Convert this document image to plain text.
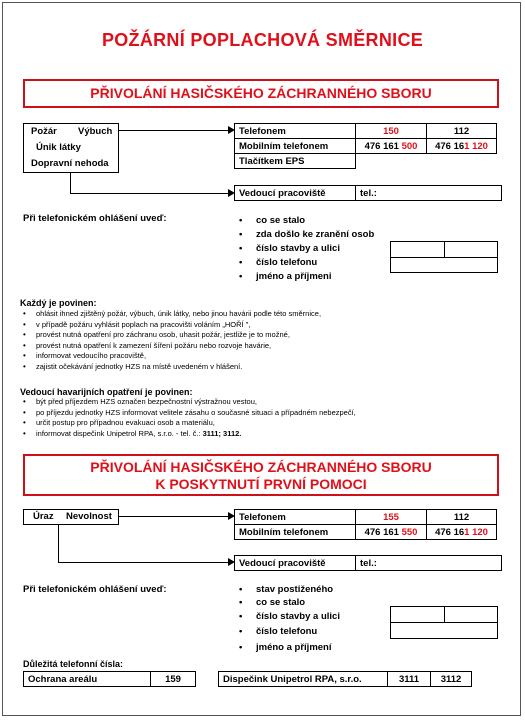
POŽÁRNÍ POPLACHOVÁ SMĚRNICE
PŘIVOLÁNÍ HASIČSKÉHO ZÁCHRANNÉHO SBORU
Požár Výbuch
Únik látky
Dopravní nehoda
Telefonem	150	112
Mobilním telefonem	476 161 500	476 161 120
Tlačítkem EPS		
Vedoucí pracoviště	tel.:
Při telefonickém ohlášení uveď:	• co se stalo
• zda došlo ke zranění osob
• číslo stavby a ulici
• číslo telefonu
• jméno a příjmeni
Každý je povinen:
• ohlásit ihned zjištěný požár, výbuch, únik látky, nebo jinou havárii podle této směrnice,
• v případě požáru vyhlásit poplach na pracovišti voláním „HOŘÍ ",
• provést nutná opatření pro záchranu osob, uhasit požár, jestliže je to možné,
• provést nutná opatření k zamezení šíření požáru nebo rozvoje havárie,
• informovat vedoucího pracoviště,
• zajistit očekávání jednotky HZS na místě uvedeném v hlášení.
Vedoucí havarijních opatření je povinen:
• být před příjezdem HZS označen bezpečnostní výstražnou vestou,
• po příjezdu jednotky HZS informovat velitele zásahu o současné situaci a případném nebezpečí,
• určit postup pro případnou evakuaci osob a materiálu,
• informovat dispečink Unipetrol RPA, s.r.o. - tel. č.: 3111; 3112.
PŘIVOLÁNÍ HASIČSKÉHO ZÁCHRANNÉHO SBORU
K POSKYTNUTÍ PRVNÍ POMOCI
Úraz Nevolnost	Telefonem	155	112
Mobilním telefonem	476 161 550	476 161 120
Vedoucí pracoviště	tel.:
Při telefonickém ohlášení uveď:	• stav postiženého
• co se stalo
• číslo stavby a ulici
• číslo telefonu
• jméno a příjmení
Důležitá telefonní čísla:
Ochrana areálu	159	Dispečink Unipetrol RPA, s.r.o.	3111	3112
